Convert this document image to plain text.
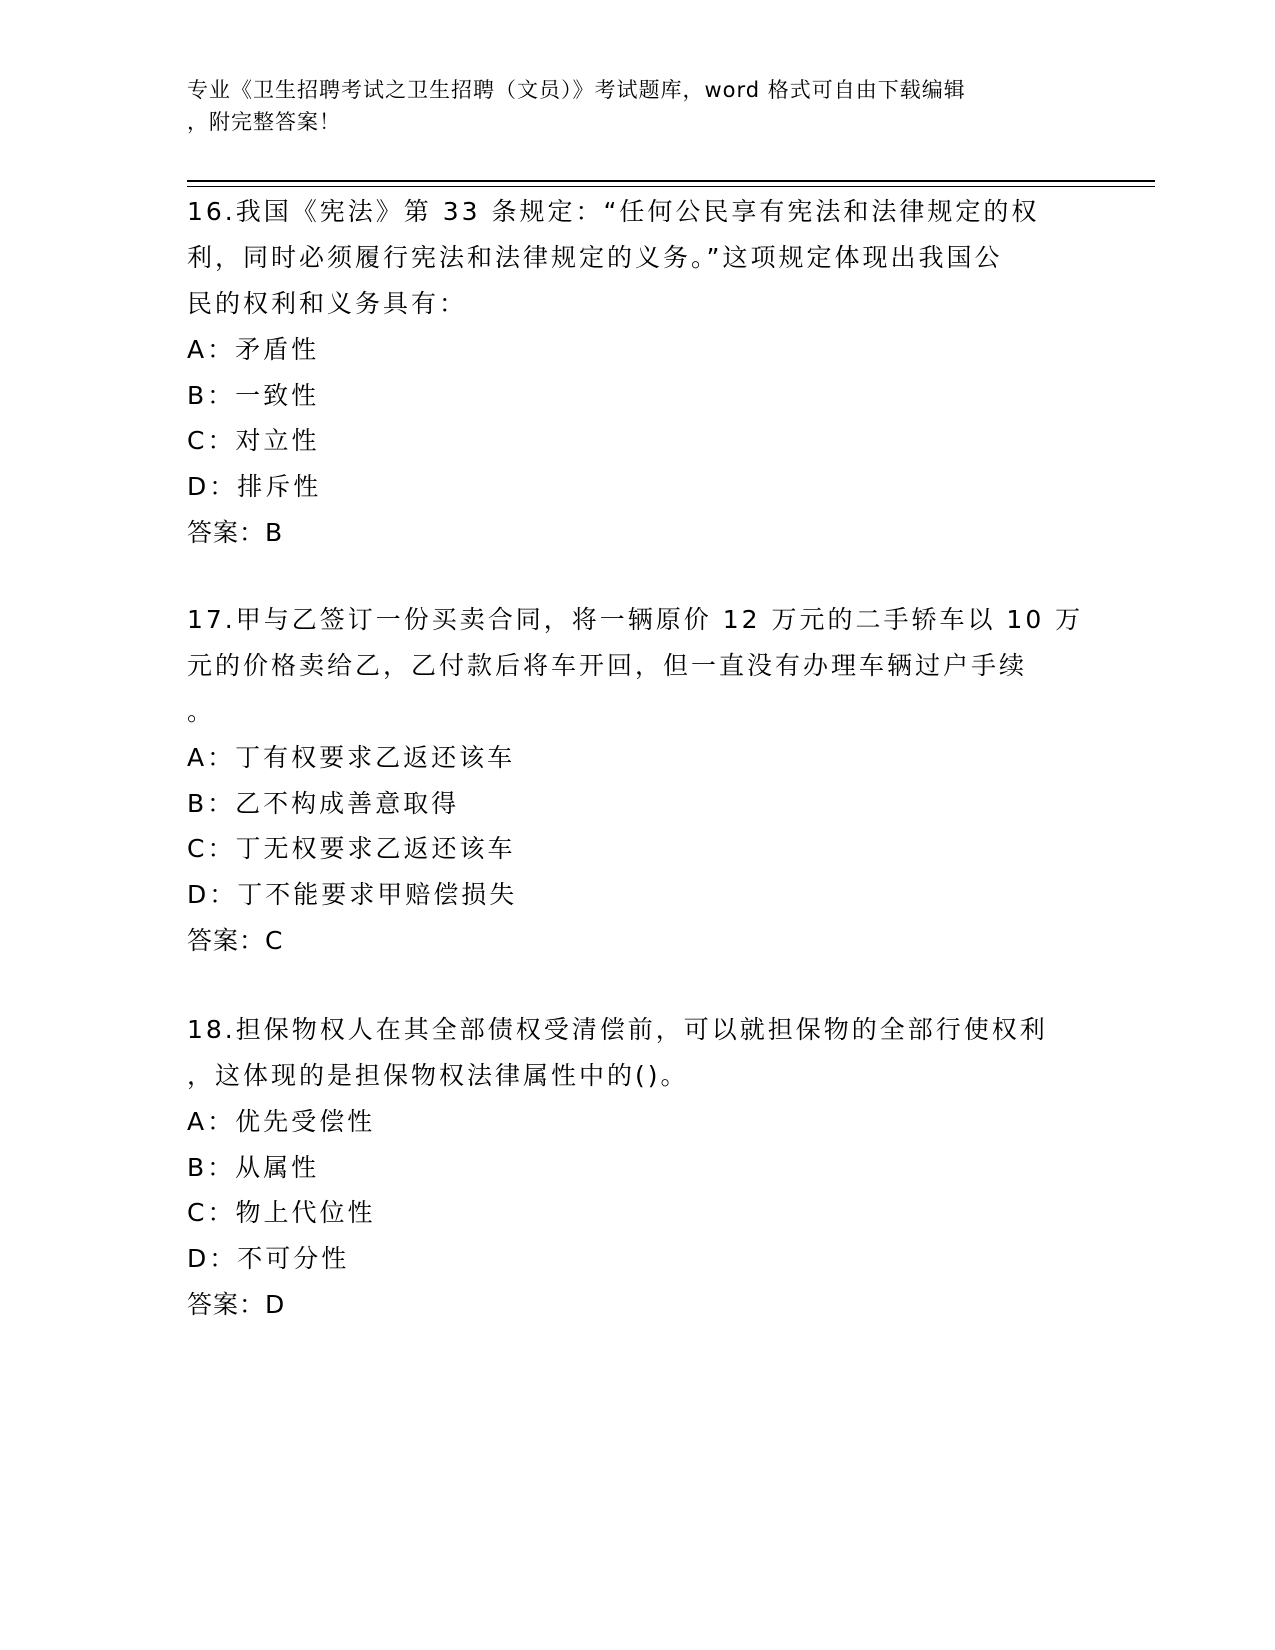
专业《卫生招聘考试之卫生招聘（文员）》考试题库，word 格式可自由下载编辑
，附完整答案！
16.我国《宪法》第 33 条规定：“任何公民享有宪法和法律规定的权
利，同时必须履行宪法和法律规定的义务。”这项规定体现出我国公
民的权利和义务具有：
A：矛盾性
B：一致性
C：对立性
D：排斥性
答案：B
17.甲与乙签订一份买卖合同，将一辆原价 12 万元的二手轿车以 10 万
元的价格卖给乙，乙付款后将车开回，但一直没有办理车辆过户手续
。
A：丁有权要求乙返还该车
B：乙不构成善意取得
C：丁无权要求乙返还该车
D：丁不能要求甲赔偿损失
答案：C
18.担保物权人在其全部债权受清偿前，可以就担保物的全部行使权利
，这体现的是担保物权法律属性中的()。
A：优先受偿性
B：从属性
C：物上代位性
D：不可分性
答案：D
